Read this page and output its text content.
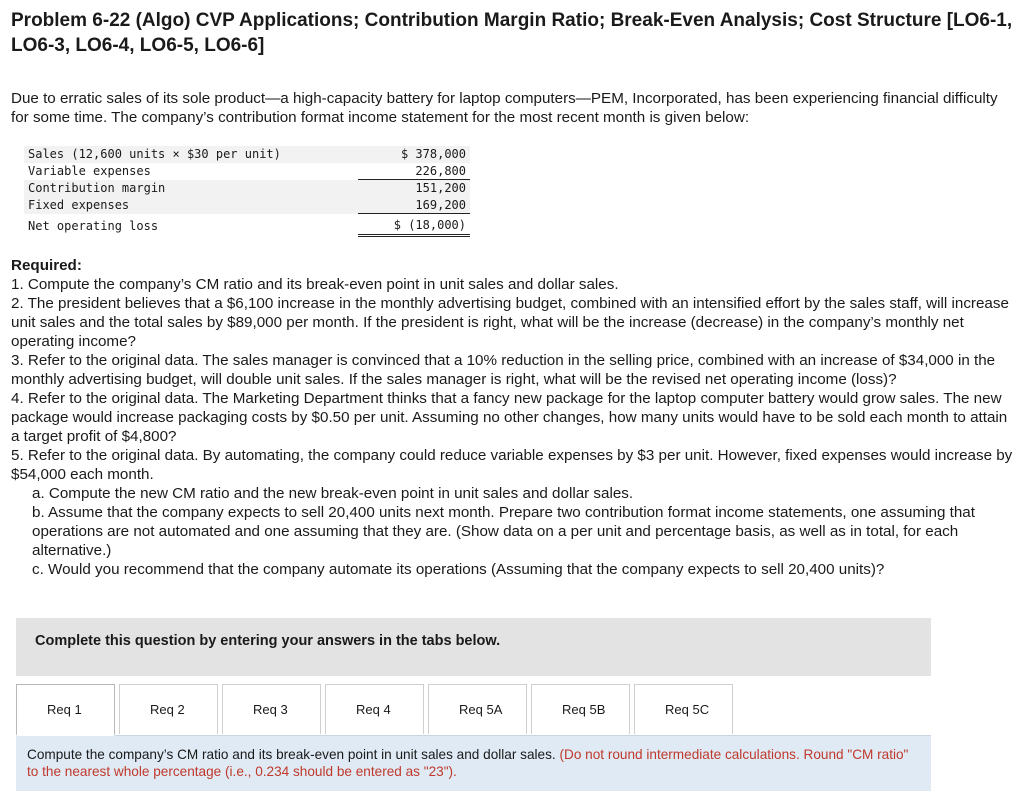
Problem 6-22 (Algo) CVP Applications; Contribution Margin Ratio; Break-Even Analysis; Cost Structure [LO6-1, LO6-3, LO6-4, LO6-5, LO6-6]

Due to erratic sales of its sole product—a high-capacity battery for laptop computers—PEM, Incorporated, has been experiencing financial difficulty for some time. The company’s contribution format income statement for the most recent month is given below:

Sales (12,600 units × $30 per unit)	$ 378,000
Variable expenses	226,800
Contribution margin	151,200
Fixed expenses	169,200
Net operating loss	$ (18,000)

Required:

1. Compute the company’s CM ratio and its break-even point in unit sales and dollar sales.

2. The president believes that a $6,100 increase in the monthly advertising budget, combined with an intensified effort by the sales staff, will increase unit sales and the total sales by $89,000 per month. If the president is right, what will be the increase (decrease) in the company’s monthly net operating income?

3. Refer to the original data. The sales manager is convinced that a 10% reduction in the selling price, combined with an increase of $34,000 in the monthly advertising budget, will double unit sales. If the sales manager is right, what will be the revised net operating income (loss)?

4. Refer to the original data. The Marketing Department thinks that a fancy new package for the laptop computer battery would grow sales. The new package would increase packaging costs by $0.50 per unit. Assuming no other changes, how many units would have to be sold each month to attain a target profit of $4,800?

5. Refer to the original data. By automating, the company could reduce variable expenses by $3 per unit. However, fixed expenses would increase by $54,000 each month.

a. Compute the new CM ratio and the new break-even point in unit sales and dollar sales.

b. Assume that the company expects to sell 20,400 units next month. Prepare two contribution format income statements, one assuming that operations are not automated and one assuming that they are. (Show data on a per unit and percentage basis, as well as in total, for each alternative.)

c. Would you recommend that the company automate its operations (Assuming that the company expects to sell 20,400 units)?

Complete this question by entering your answers in the tabs below.
Req 1	Req 2	Req 3	Req 4	Req 5A	Req 5B	Req 5C
Compute the company’s CM ratio and its break-even point in unit sales and dollar sales. (Do not round intermediate calculations. Round "CM ratio" to the nearest whole percentage (i.e., 0.234 should be entered as "23").
